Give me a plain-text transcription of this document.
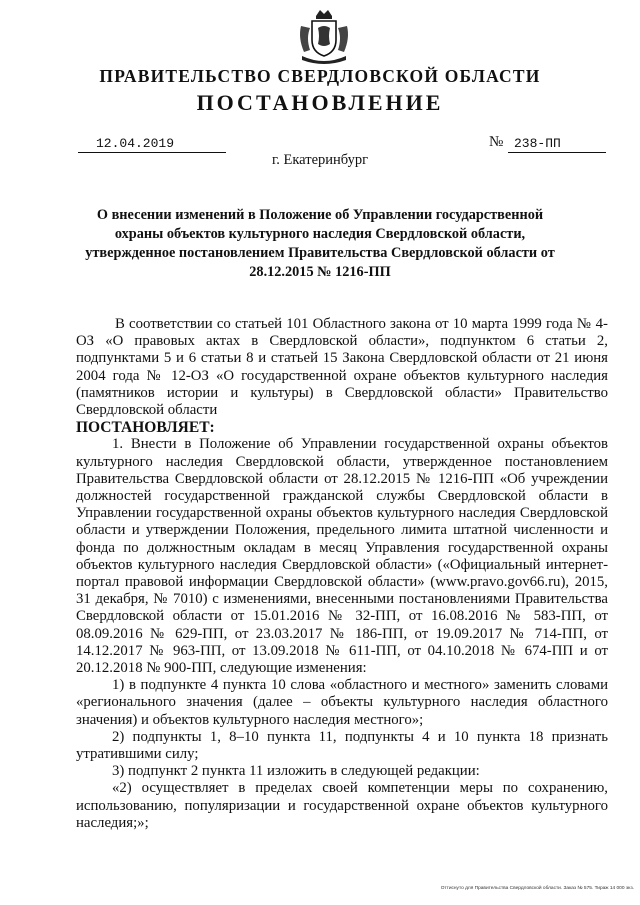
ПРАВИТЕЛЬСТВО СВЕРДЛОВСКОЙ ОБЛАСТИ
ПОСТАНОВЛЕНИЕ
12.04.2019	№ 238-ПП
г. Екатеринбург
О внесении изменений в Положение об Управлении государственной охраны объектов культурного наследия Свердловской области, утвержденное постановлением Правительства Свердловской области от 28.12.2015 № 1216-ПП

В соответствии со статьей 101 Областного закона от 10 марта 1999 года № 4-ОЗ «О правовых актах в Свердловской области», подпунктом 6 статьи 2, подпунктами 5 и 6 статьи 8 и статьей 15 Закона Свердловской области от 21 июня 2004 года № 12-ОЗ «О государственной охране объектов культурного наследия (памятников истории и культуры) в Свердловской области» Правительство Свердловской области

ПОСТАНОВЛЯЕТ:

1. Внести в Положение об Управлении государственной охраны объектов культурного наследия Свердловской области, утвержденное постановлением Правительства Свердловской области от 28.12.2015 № 1216-ПП «Об учреждении должностей государственной гражданской службы Свердловской области в Управлении государственной охраны объектов культурного наследия Свердловской области и утверждении Положения, предельного лимита штатной численности и фонда по должностным окладам в месяц Управления государственной охраны объектов культурного наследия Свердловской области» («Официальный интернет-портал правовой информации Свердловской области» (www.pravo.gov66.ru), 2015, 31 декабря, № 7010) с изменениями, внесенными постановлениями Правительства Свердловской области от 15.01.2016 № 32-ПП, от 16.08.2016 № 583-ПП, от 08.09.2016 № 629-ПП, от 23.03.2017 № 186-ПП, от 19.09.2017 № 714-ПП, от 14.12.2017 № 963-ПП, от 13.09.2018 № 611-ПП, от 04.10.2018 № 674-ПП и от 20.12.2018 № 900-ПП, следующие изменения:

1) в подпункте 4 пункта 10 слова «областного и местного» заменить словами «регионального значения (далее – объекты культурного наследия областного значения) и объектов культурного наследия местного»;

2) подпункты 1, 8–10 пункта 11, подпункты 4 и 10 пункта 18 признать утратившими силу;

3) подпункт 2 пункта 11 изложить в следующей редакции:

«2) осуществляет в пределах своей компетенции меры по сохранению, использованию, популяризации и государственной охране объектов культурного наследия;»;

Оттиснуто для Правительства Свердловской области. Заказ № 575. Тираж 14 000 экз.
